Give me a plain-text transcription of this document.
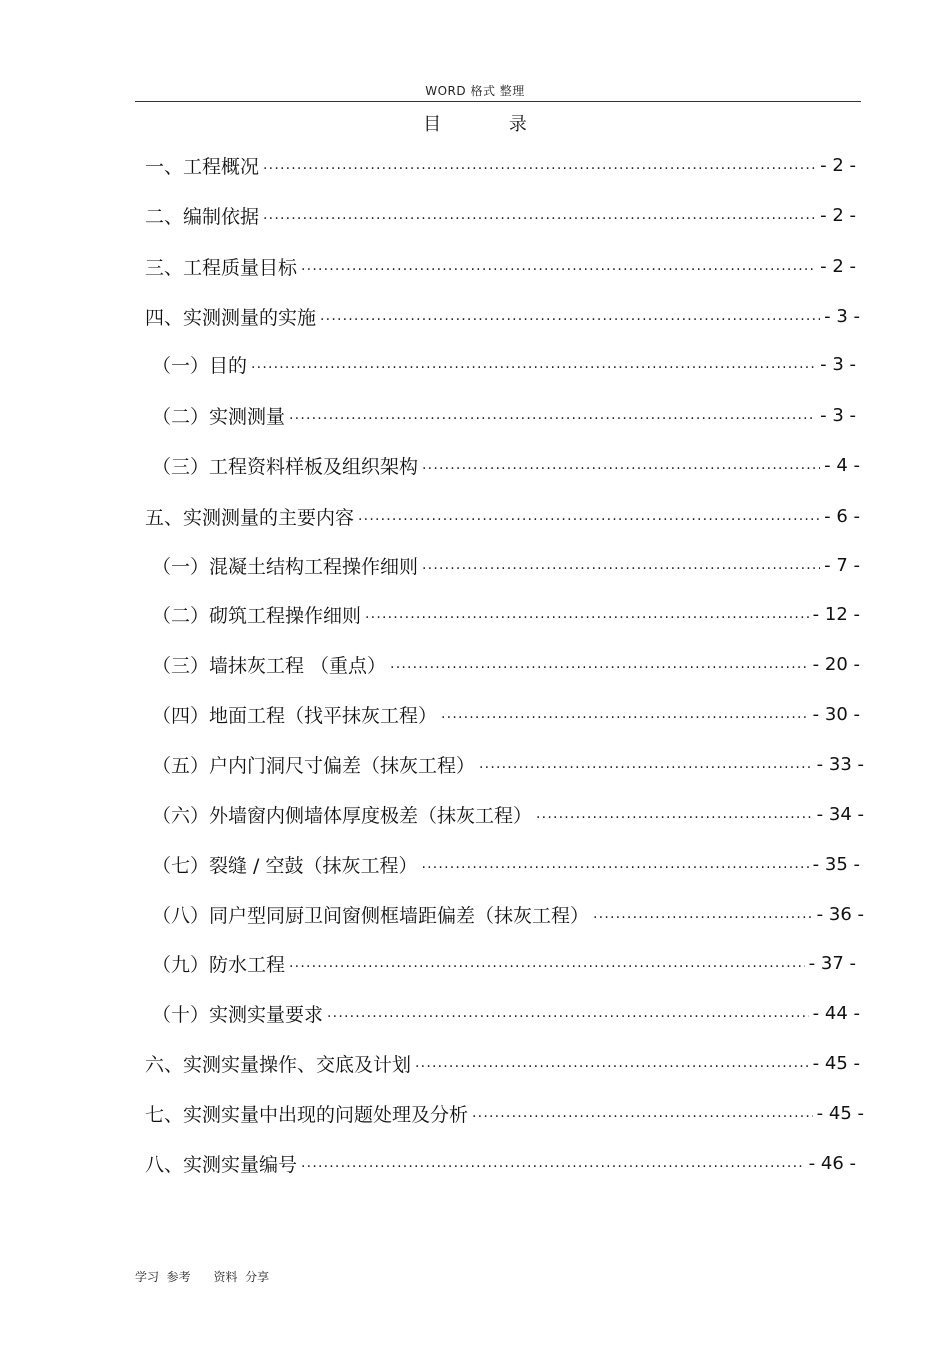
WORD 格式 整理
目 录
一、工程概况 .....	- 2 -
二、编制依据 .....	- 2 -
三、工程质量目标 .....	- 2 -
四、实测测量的实施 .....	- 3 -
（一）目的 .....	- 3 -
（二）实测测量 .....	- 3 -
（三）工程资料样板及组织架构 .....	- 4 -
五、实测测量的主要内容 .....	- 6 -
（一）混凝土结构工程操作细则 .....	- 7 -
（二）砌筑工程操作细则 .....	- 12 -
（三）墙抹灰工程 （重点） .....	- 20 -
（四）地面工程（找平抹灰工程） .....	- 30 -
（五）户内门洞尺寸偏差（抹灰工程） .....	- 33 -
（六）外墙窗内侧墙体厚度极差（抹灰工程） .....	- 34 -
（七）裂缝 / 空鼓（抹灰工程） .....	- 35 -
（八）同户型同厨卫间窗侧框墙距偏差（抹灰工程） .....	- 36 -
（九）防水工程 .....	- 37 -
（十）实测实量要求 .....	- 44 -
六、实测实量操作、交底及计划 .....	- 45 -
七、实测实量中出现的问题处理及分析 .....	- 45 -
八、实测实量编号 .....	- 46 -
学习  参考      资料  分享
